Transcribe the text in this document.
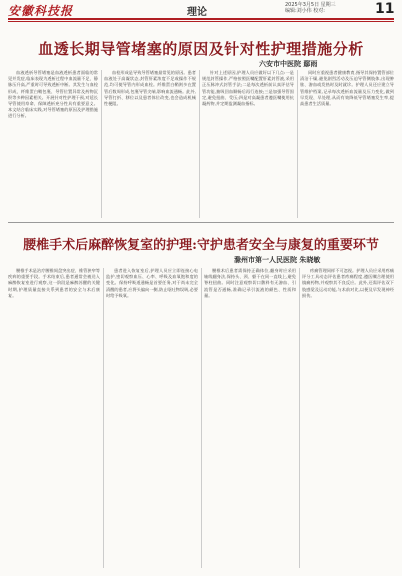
安徽科技报	理论
2025年3月5日 星期三
编辑:刘小伟 校对:	11
血透长期导管堵塞的原因及针对性护理措施分析
六安市中医院 鄢雨
血液透析导管堵塞是血液透析患者面临的常见并发症,临床表现为透析过程中血流量不足、静脉压升高,严重时可导致透析中断。其发生与血栓形成、纤维蛋白鞘包裹、导管位置异常及药物沉积等多种因素相关。开展针对性护理干预,对延长导管使用寿命、保障透析充分性具有重要意义。本文结合临床实践,对导管堵塞的原因及护理措施进行分析。
血栓形成是导致导管堵塞最常见的原因。患者血液处于高凝状态,封管肝素浓度不足或操作不规范,均可使导管内形成血栓。纤维蛋白鞘则多在置管后数周形成,包裹导管尖端,影响血流通畅。此外,导管打折、移位以及患者体位改变,也会造成机械性梗阻。
针对上述原因,护理人员应做好以下几点:一是规范封管操作,严格按照医嘱配置肝素封管液,采用正压脉冲式封管手法;二是每次透析前认真评估导管功能,抽吸回血顺畅后再行连接;三是加强导管固定,避免扭曲、受压;四是对高凝患者遵医嘱使用抗凝药物,并定期监测凝血指标。
同时应重视患者健康教育,指导其保持置管部位清洁干燥,避免剧烈活动及压迫导管侧肢体,出现肿胀、渗血或发热时及时就诊。护理人员还应建立导管维护档案,记录每次透析血流量及压力变化,做到早发现、早处理,从而有效降低导管堵塞发生率,提高患者生活质量。
腰椎手术后麻醉恢复室的护理:守护患者安全与康复的重要环节
滁州市第一人民医院 朱晓敏
腰椎手术是治疗腰椎间盘突出症、椎管狭窄等疾病的重要手段。手术结束后,患者通常会被送入麻醉恢复室进行观察,这一阶段是麻醉苏醒的关键时期,护理质量直接关系到患者的安全与术后康复。
患者进入恢复室后,护理人员应立即连接心电监护,密切观察血压、心率、呼吸及血氧饱和度的变化。保持呼吸道通畅是首要任务,对于尚未完全清醒的患者,应将头偏向一侧,防止呕吐物误吸,必要时给予吸氧。
腰椎术后患者需保持正确体位,翻身时应采用轴线翻身法,保持头、颈、躯干在同一直线上,避免脊柱扭曲。同时注意观察切口敷料有无渗血、引流管是否通畅,准确记录引流液的颜色、性质和量。
疼痛管理同样不可忽视。护理人员应采用疼痛评分工具动态评估患者疼痛程度,遵医嘱合理使用镇痛药物,并观察其不良反应。此外,还需评估双下肢感觉及运动功能,与术前对比,以便及早发现神经损伤。
